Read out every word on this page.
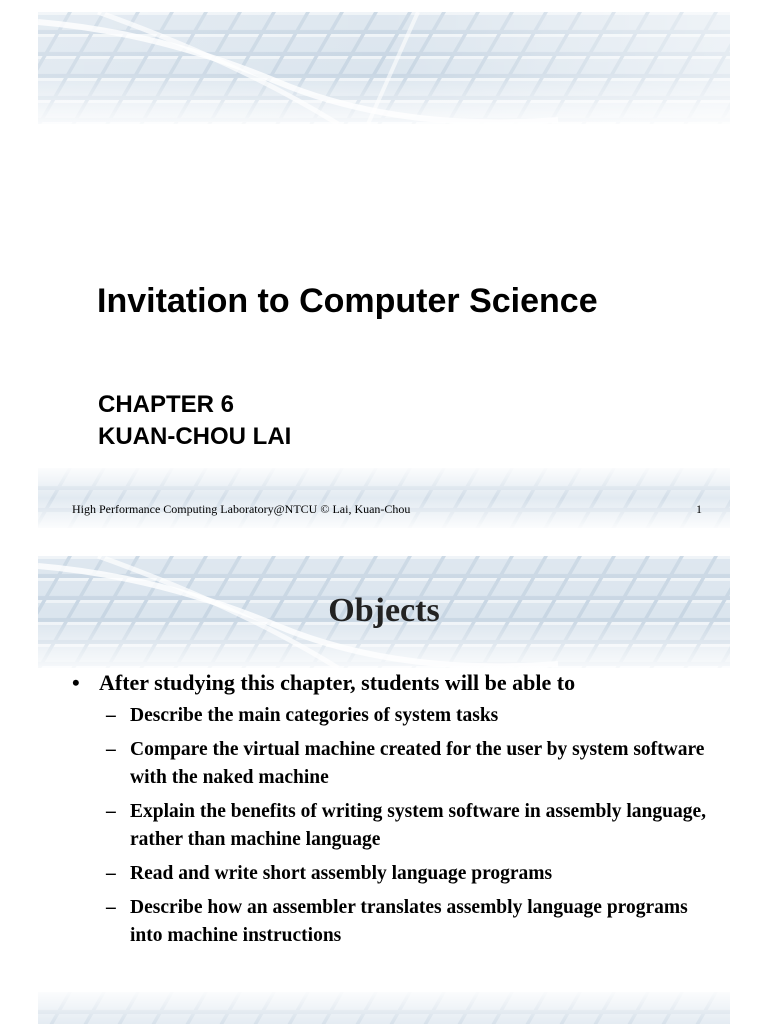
Invitation to Computer Science
CHAPTER 6
KUAN-CHOU LAI
High Performance Computing Laboratory@NTCU © Lai, Kuan-Chou	1
Objects
• After studying this chapter, students will be able to
– Describe the main categories of system tasks
– Compare the virtual machine created for the user by system software with the naked machine
– Explain the benefits of writing system software in assembly language, rather than machine language
– Read and write short assembly language programs
– Describe how an assembler translates assembly language programs into machine instructions
